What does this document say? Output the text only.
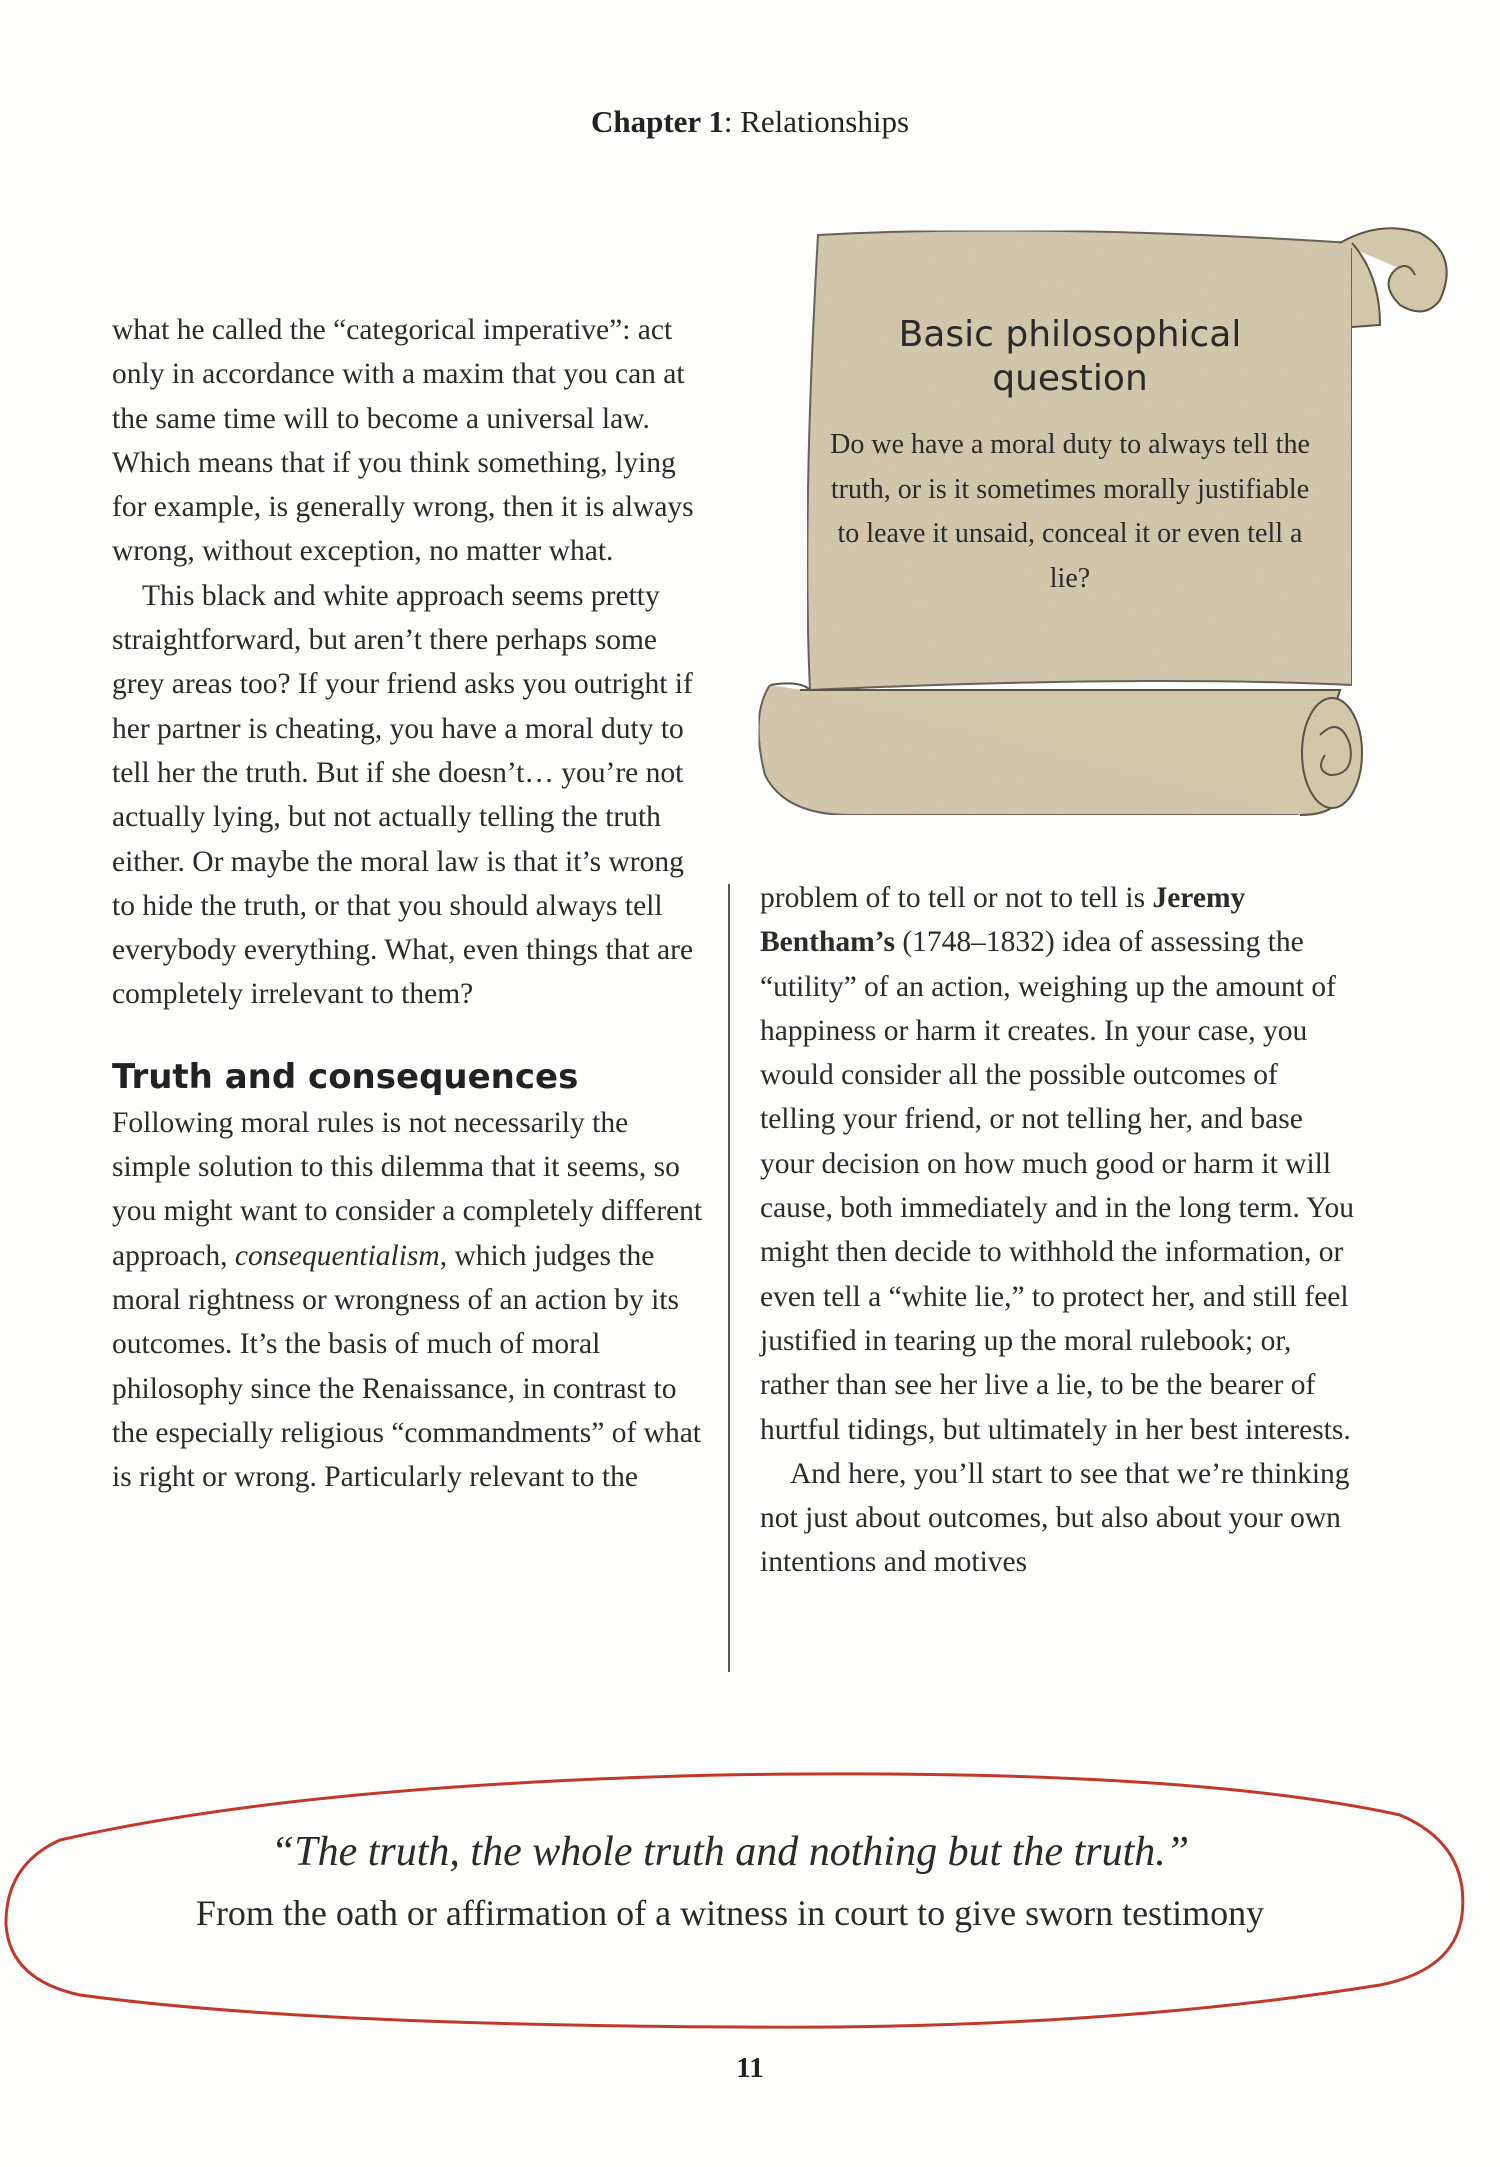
Chapter 1: Relationships
Basic philosophical question
Do we have a moral duty to always tell the truth, or is it sometimes morally justifiable to leave it unsaid, conceal it or even tell a lie?

what he called the “categorical imperative”: act only in accordance with a maxim that you can at the same time will to become a universal law. Which means that if you think something, lying for example, is generally wrong, then it is always wrong, without exception, no matter what.

This black and white approach seems pretty straightforward, but aren’t there perhaps some grey areas too? If your friend asks you outright if her partner is cheating, you have a moral duty to tell her the truth. But if she doesn’t… you’re not actually lying, but not actually telling the truth either. Or maybe the moral law is that it’s wrong to hide the truth, or that you should always tell everybody everything. What, even things that are completely irrelevant to them?

Truth and consequences

Following moral rules is not necessarily the simple solution to this dilemma that it seems, so you might want to consider a completely different approach, consequentialism, which judges the moral rightness or wrongness of an action by its outcomes. It’s the basis of much of moral philosophy since the Renaissance, in contrast to the especially religious “commandments” of what is right or wrong. Particularly relevant to the

problem of to tell or not to tell is Jeremy Bentham’s (1748–1832) idea of assessing the “utility” of an action, weighing up the amount of happiness or harm it creates. In your case, you would consider all the possible outcomes of telling your friend, or not telling her, and base your decision on how much good or harm it will cause, both immediately and in the long term. You might then decide to withhold the information, or even tell a “white lie,” to protect her, and still feel justified in tearing up the moral rulebook; or, rather than see her live a lie, to be the bearer of hurtful tidings, but ultimately in her best interests.

And here, you’ll start to see that we’re thinking not just about outcomes, but also about your own intentions and motives

“The truth, the whole truth and nothing but the truth.”
From the oath or affirmation of a witness in court to give sworn testimony
11
